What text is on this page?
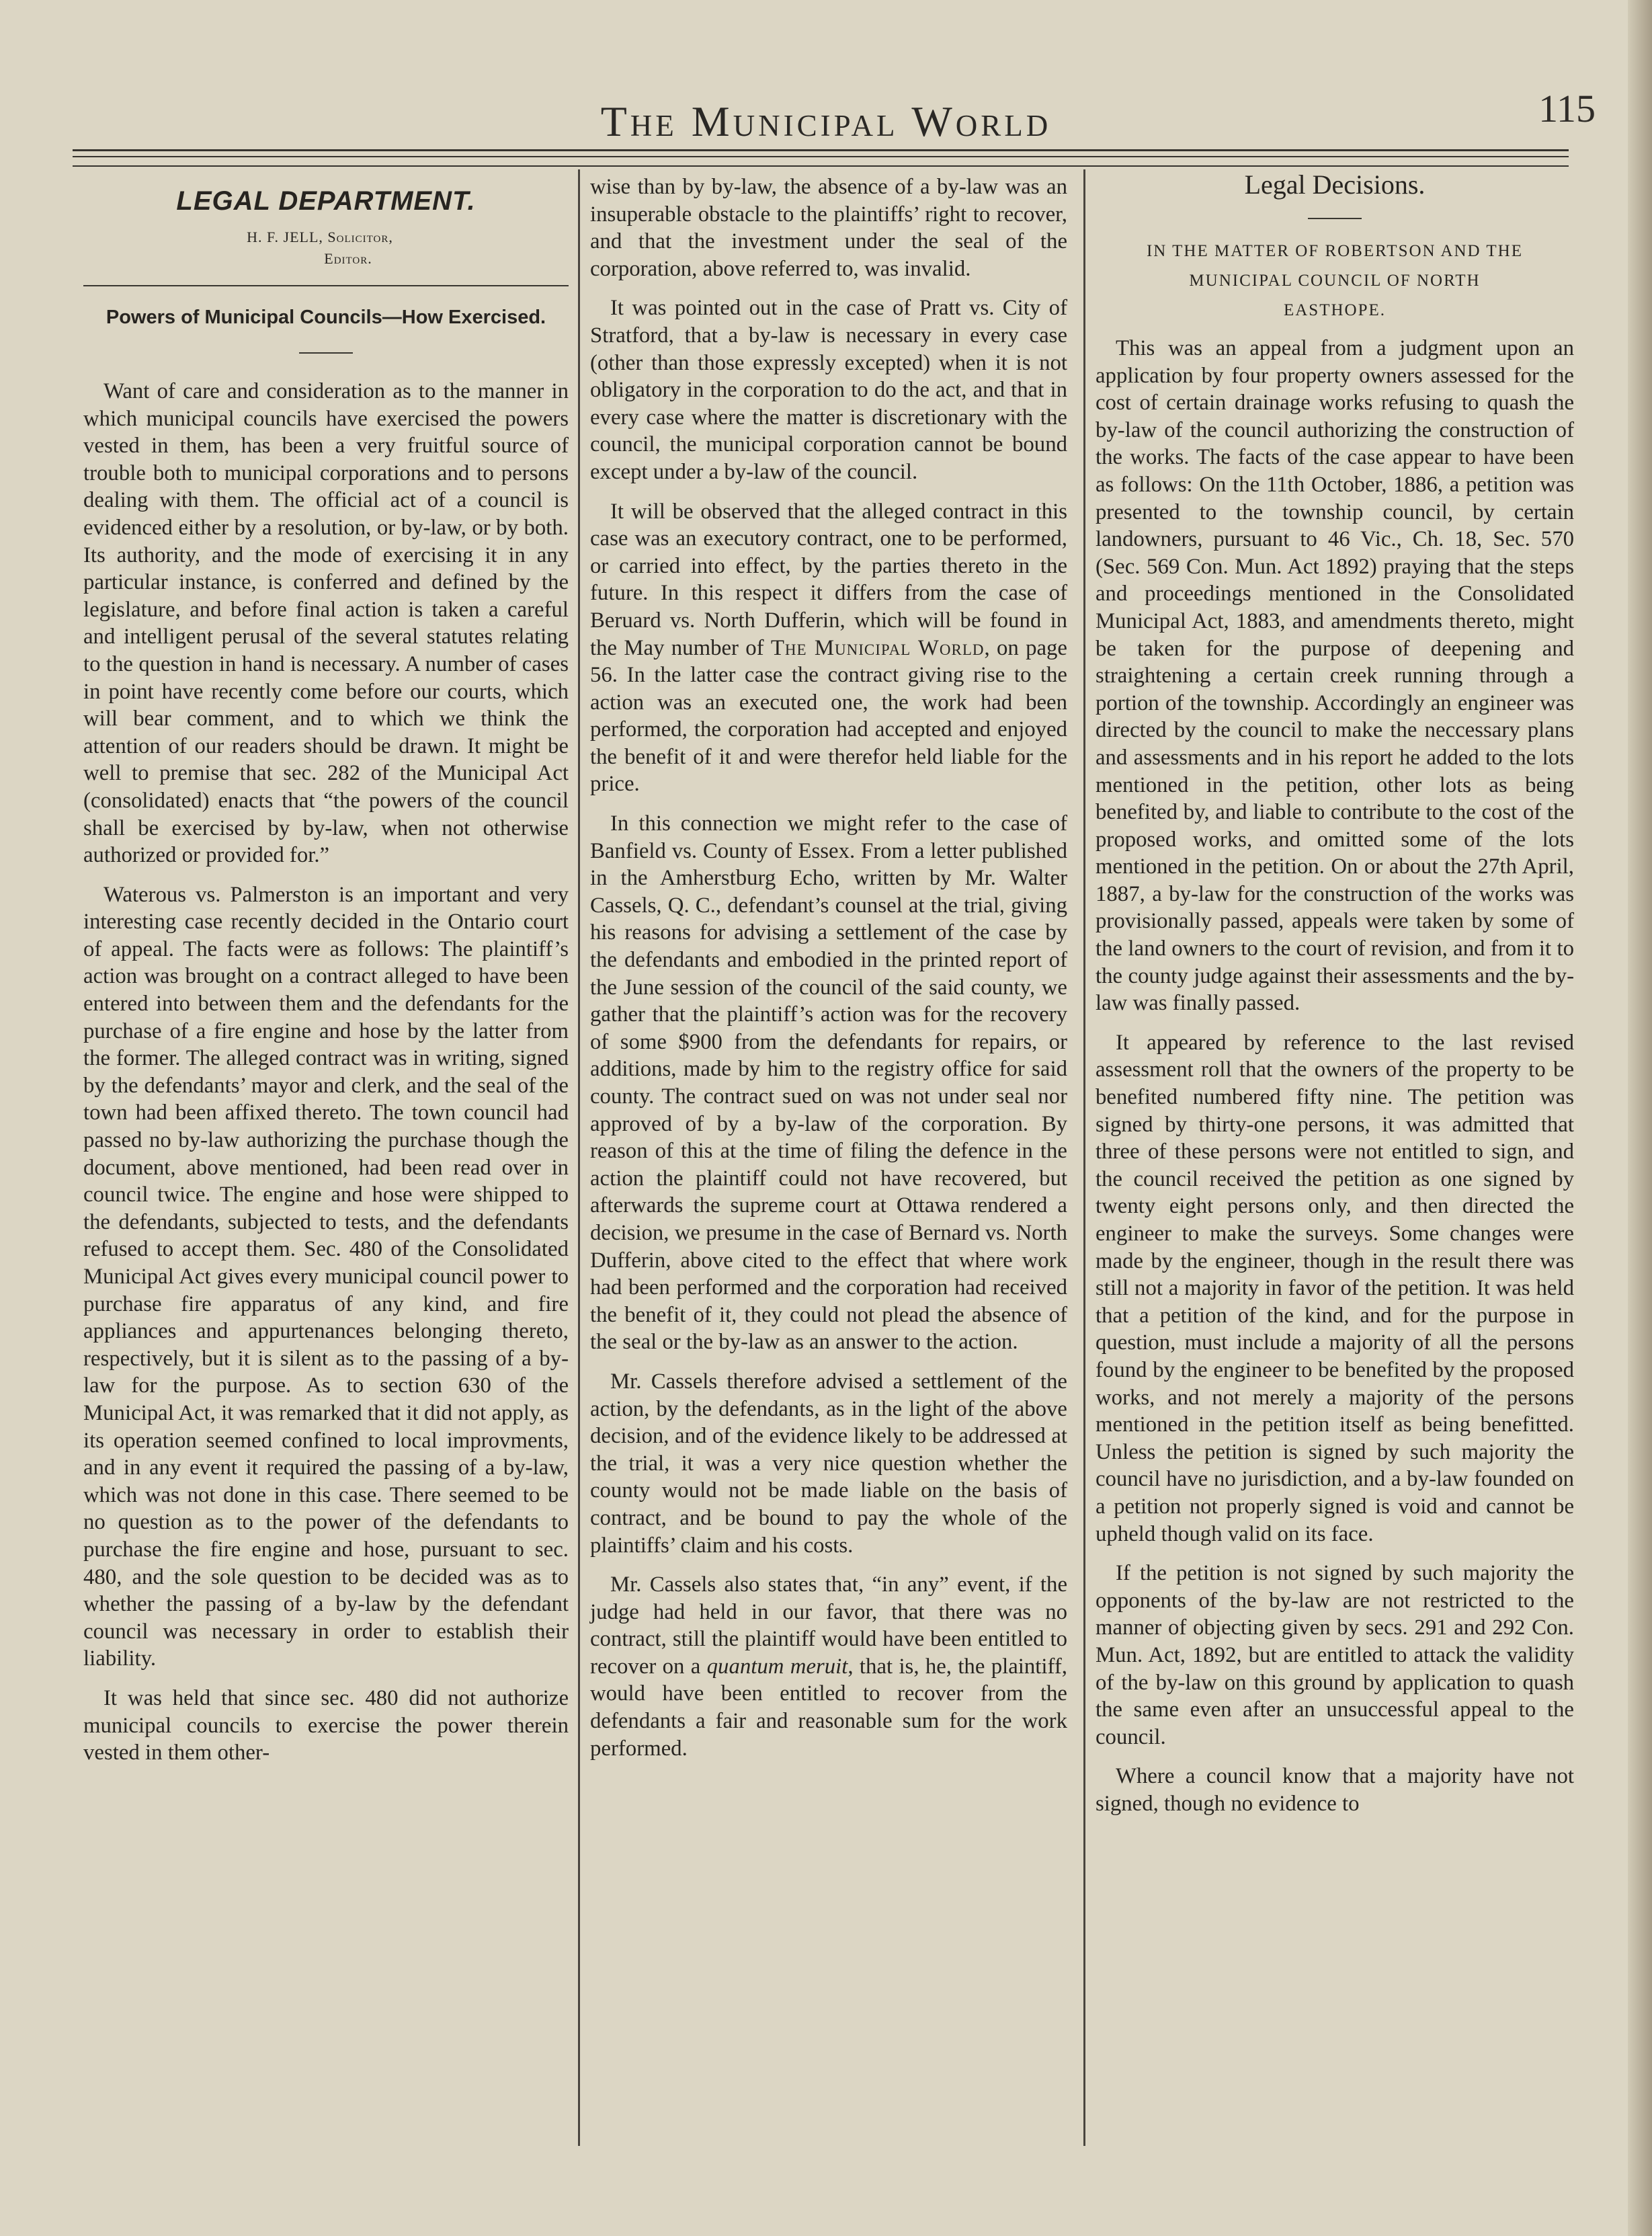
The Municipal World	115
LEGAL DEPARTMENT.
H. F. JELL, Solicitor,
Editor.
Powers of Municipal Councils—How Exercised.

Want of care and consideration as to the manner in which municipal councils have exercised the powers vested in them, has been a very fruitful source of trouble both to municipal corporations and to persons dealing with them. The official act of a council is evidenced either by a resolution, or by-law, or by both. Its authority, and the mode of exercising it in any particular instance, is conferred and defined by the legislature, and before final action is taken a careful and intelligent perusal of the several statutes relating to the question in hand is necessary. A number of cases in point have recently come before our courts, which will bear comment, and to which we think the attention of our readers should be drawn. It might be well to premise that sec. 282 of the Municipal Act (consolidated) enacts that “the powers of the council shall be exercised by by-law, when not otherwise authorized or provided for.”

Waterous vs. Palmerston is an important and very interesting case recently decided in the Ontario court of appeal. The facts were as follows: The plaintiff’s action was brought on a contract alleged to have been entered into between them and the defendants for the purchase of a fire engine and hose by the latter from the former. The alleged contract was in writing, signed by the defendants’ mayor and clerk, and the seal of the town had been affixed thereto. The town council had passed no by-law authorizing the purchase though the document, above mentioned, had been read over in council twice. The engine and hose were shipped to the defendants, subjected to tests, and the defendants refused to accept them. Sec. 480 of the Consolidated Municipal Act gives every municipal council power to purchase fire apparatus of any kind, and fire appliances and appurtenances belonging thereto, respectively, but it is silent as to the passing of a by-law for the purpose. As to section 630 of the Municipal Act, it was remarked that it did not apply, as its operation seemed confined to local improvments, and in any event it required the passing of a by-law, which was not done in this case. There seemed to be no question as to the power of the defendants to purchase the fire engine and hose, pursuant to sec. 480, and the sole question to be decided was as to whether the passing of a by-law by the defendant council was necessary in order to establish their liability.

It was held that since sec. 480 did not authorize municipal councils to exercise the power therein vested in them other-

wise than by by-law, the absence of a by-law was an insuperable obstacle to the plaintiffs’ right to recover, and that the investment under the seal of the corporation, above referred to, was invalid.

It was pointed out in the case of Pratt vs. City of Stratford, that a by-law is necessary in every case (other than those expressly excepted) when it is not obligatory in the corporation to do the act, and that in every case where the matter is discretionary with the council, the municipal corporation cannot be bound except under a by-law of the council.

It will be observed that the alleged contract in this case was an executory contract, one to be performed, or carried into effect, by the parties thereto in the future. In this respect it differs from the case of Beruard vs. North Dufferin, which will be found in the May number of The Municipal World, on page 56. In the latter case the contract giving rise to the action was an executed one, the work had been performed, the corporation had accepted and enjoyed the benefit of it and were therefor held liable for the price.

In this connection we might refer to the case of Banfield vs. County of Essex. From a letter published in the Amherstburg Echo, written by Mr. Walter Cassels, Q. C., defendant’s counsel at the trial, giving his reasons for advising a settlement of the case by the defendants and embodied in the printed report of the June session of the council of the said county, we gather that the plaintiff’s action was for the recovery of some $900 from the defendants for repairs, or additions, made by him to the registry office for said county. The contract sued on was not under seal nor approved of by a by-law of the corporation. By reason of this at the time of filing the defence in the action the plaintiff could not have recovered, but afterwards the supreme court at Ottawa rendered a decision, we presume in the case of Bernard vs. North Dufferin, above cited to the effect that where work had been performed and the corporation had received the benefit of it, they could not plead the absence of the seal or the by-law as an answer to the action.

Mr. Cassels therefore advised a settlement of the action, by the defendants, as in the light of the above decision, and of the evidence likely to be addressed at the trial, it was a very nice question whether the county would not be made liable on the basis of contract, and be bound to pay the whole of the plaintiffs’ claim and his costs.

Mr. Cassels also states that, “in any” event, if the judge had held in our favor, that there was no contract, still the plaintiff would have been entitled to recover on a quantum meruit, that is, he, the plaintiff, would have been entitled to recover from the defendants a fair and reasonable sum for the work performed.

Legal Decisions.
IN THE MATTER OF ROBERTSON AND THE
MUNICIPAL COUNCIL OF NORTH
EASTHOPE.

This was an appeal from a judgment upon an application by four property owners assessed for the cost of certain drainage works refusing to quash the by-law of the council authorizing the construction of the works. The facts of the case appear to have been as follows: On the 11th October, 1886, a petition was presented to the township council, by certain landowners, pursuant to 46 Vic., Ch. 18, Sec. 570 (Sec. 569 Con. Mun. Act 1892) praying that the steps and proceedings mentioned in the Consolidated Municipal Act, 1883, and amendments thereto, might be taken for the purpose of deepening and straightening a certain creek running through a portion of the township. Accordingly an engineer was directed by the council to make the neccessary plans and assessments and in his report he added to the lots mentioned in the petition, other lots as being benefited by, and liable to contribute to the cost of the proposed works, and omitted some of the lots mentioned in the petition. On or about the 27th April, 1887, a by-law for the construction of the works was provisionally passed, appeals were taken by some of the land owners to the court of revision, and from it to the county judge against their assessments and the by-law was finally passed.

It appeared by reference to the last revised assessment roll that the owners of the property to be benefited numbered fifty nine. The petition was signed by thirty-one persons, it was admitted that three of these persons were not entitled to sign, and the council received the petition as one signed by twenty eight persons only, and then directed the engineer to make the surveys. Some changes were made by the engineer, though in the result there was still not a majority in favor of the petition. It was held that a petition of the kind, and for the purpose in question, must include a majority of all the persons found by the engineer to be benefited by the proposed works, and not merely a majority of the persons mentioned in the petition itself as being benefitted. Unless the petition is signed by such majority the council have no jurisdiction, and a by-law founded on a petition not properly signed is void and cannot be upheld though valid on its face.

If the petition is not signed by such majority the opponents of the by-law are not restricted to the manner of objecting given by secs. 291 and 292 Con. Mun. Act, 1892, but are entitled to attack the validity of the by-law on this ground by application to quash the same even after an unsuccessful appeal to the council.

Where a council know that a majority have not signed, though no evidence to
